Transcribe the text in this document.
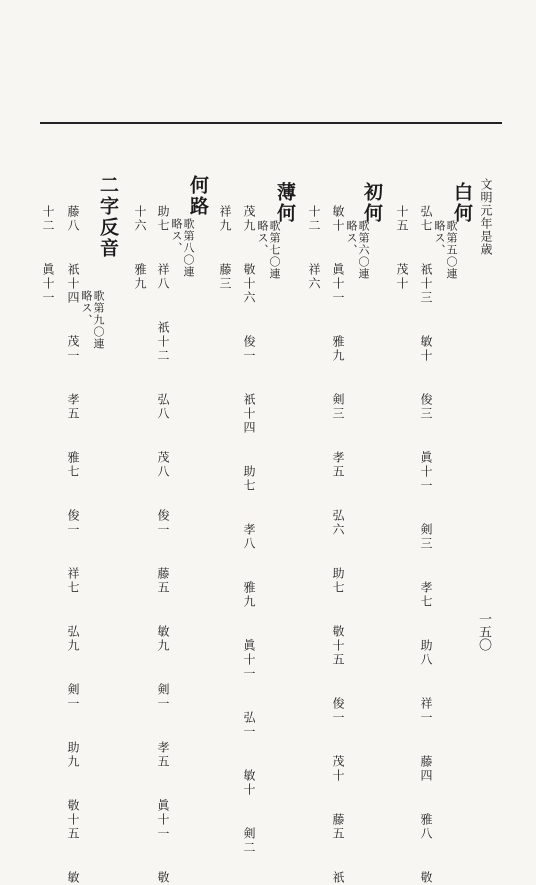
文明元年是歳
一五〇
白何
歌第五〇連
略ス、
弘七祇十三敏十俊三眞十一剣三孝七助八祥一藤四雅八敬
十五茂十
初何
歌第六〇連
略ス、
敏十眞十一雅九剣三孝五弘六助七敬十五俊一茂十藤五祇
十二祥六
薄何
歌第七〇連
略ス、
茂九敬十六俊一祇十四助七孝八雅九眞十一弘一敏十剣二
祥九藤三
何路
歌第八〇連
略ス、
助七祥八祇十二弘八茂八俊一藤五敏九剣一孝五眞十一敬
十六雅九
二字反音
歌第九〇連
略ス、
藤八祇十四茂一孝五雅七俊一祥七弘九剣一助九敬十五敏
十二眞十一
